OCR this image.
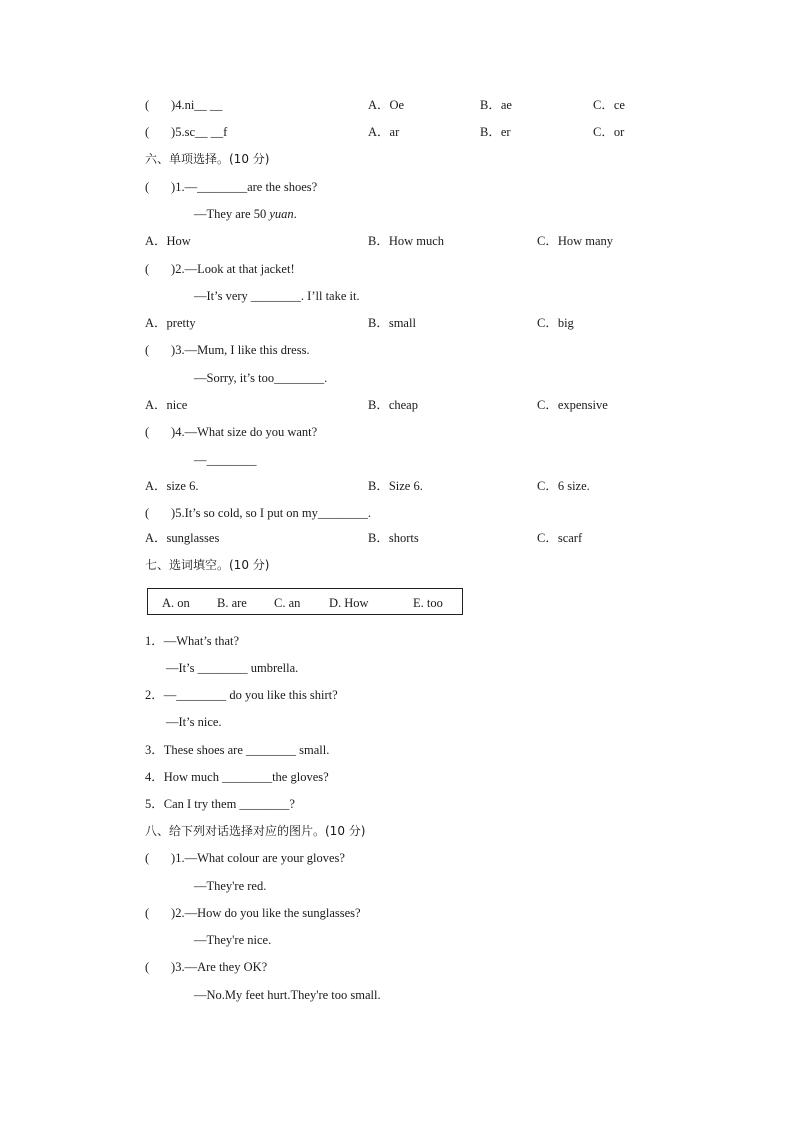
(       )4.ni__ __	A．Oe	B．ae	C．ce
(       )5.sc__ __f	A．ar	B．er	C．or
六、单项选择。(10 分)
(       )1.—________are the shoes?
—They are 50 yuan.
A．How	B．How much	C．How many
(       )2.—Look at that jacket!
—It’s very ________. I’ll take it.
A．pretty	B．small	C．big
(       )3.—Mum, I like this dress.
—Sorry, it’s too________.
A．nice	B．cheap	C．expensive
(       )4.—What size do you want?
—________
A．size 6.	B．Size 6.	C．6 size.
(       )5.It’s so cold, so I put on my________.
A．sunglasses	B．shorts	C．scarf
七、选词填空。(10 分)
A. on B. are C. an D. How	E. too
1．—What’s that?
—It’s ________ umbrella.
2．—________ do you like this shirt?
—It’s nice.
3．These shoes are ________ small.
4．How much ________the gloves?
5．Can I try them ________?
八、给下列对话选择对应的图片。(10 分)
(       )1.—What colour are your gloves?
—They're red.
(       )2.—How do you like the sunglasses?
—They're nice.
(       )3.—Are they OK?
—No.My feet hurt.They're too small.
